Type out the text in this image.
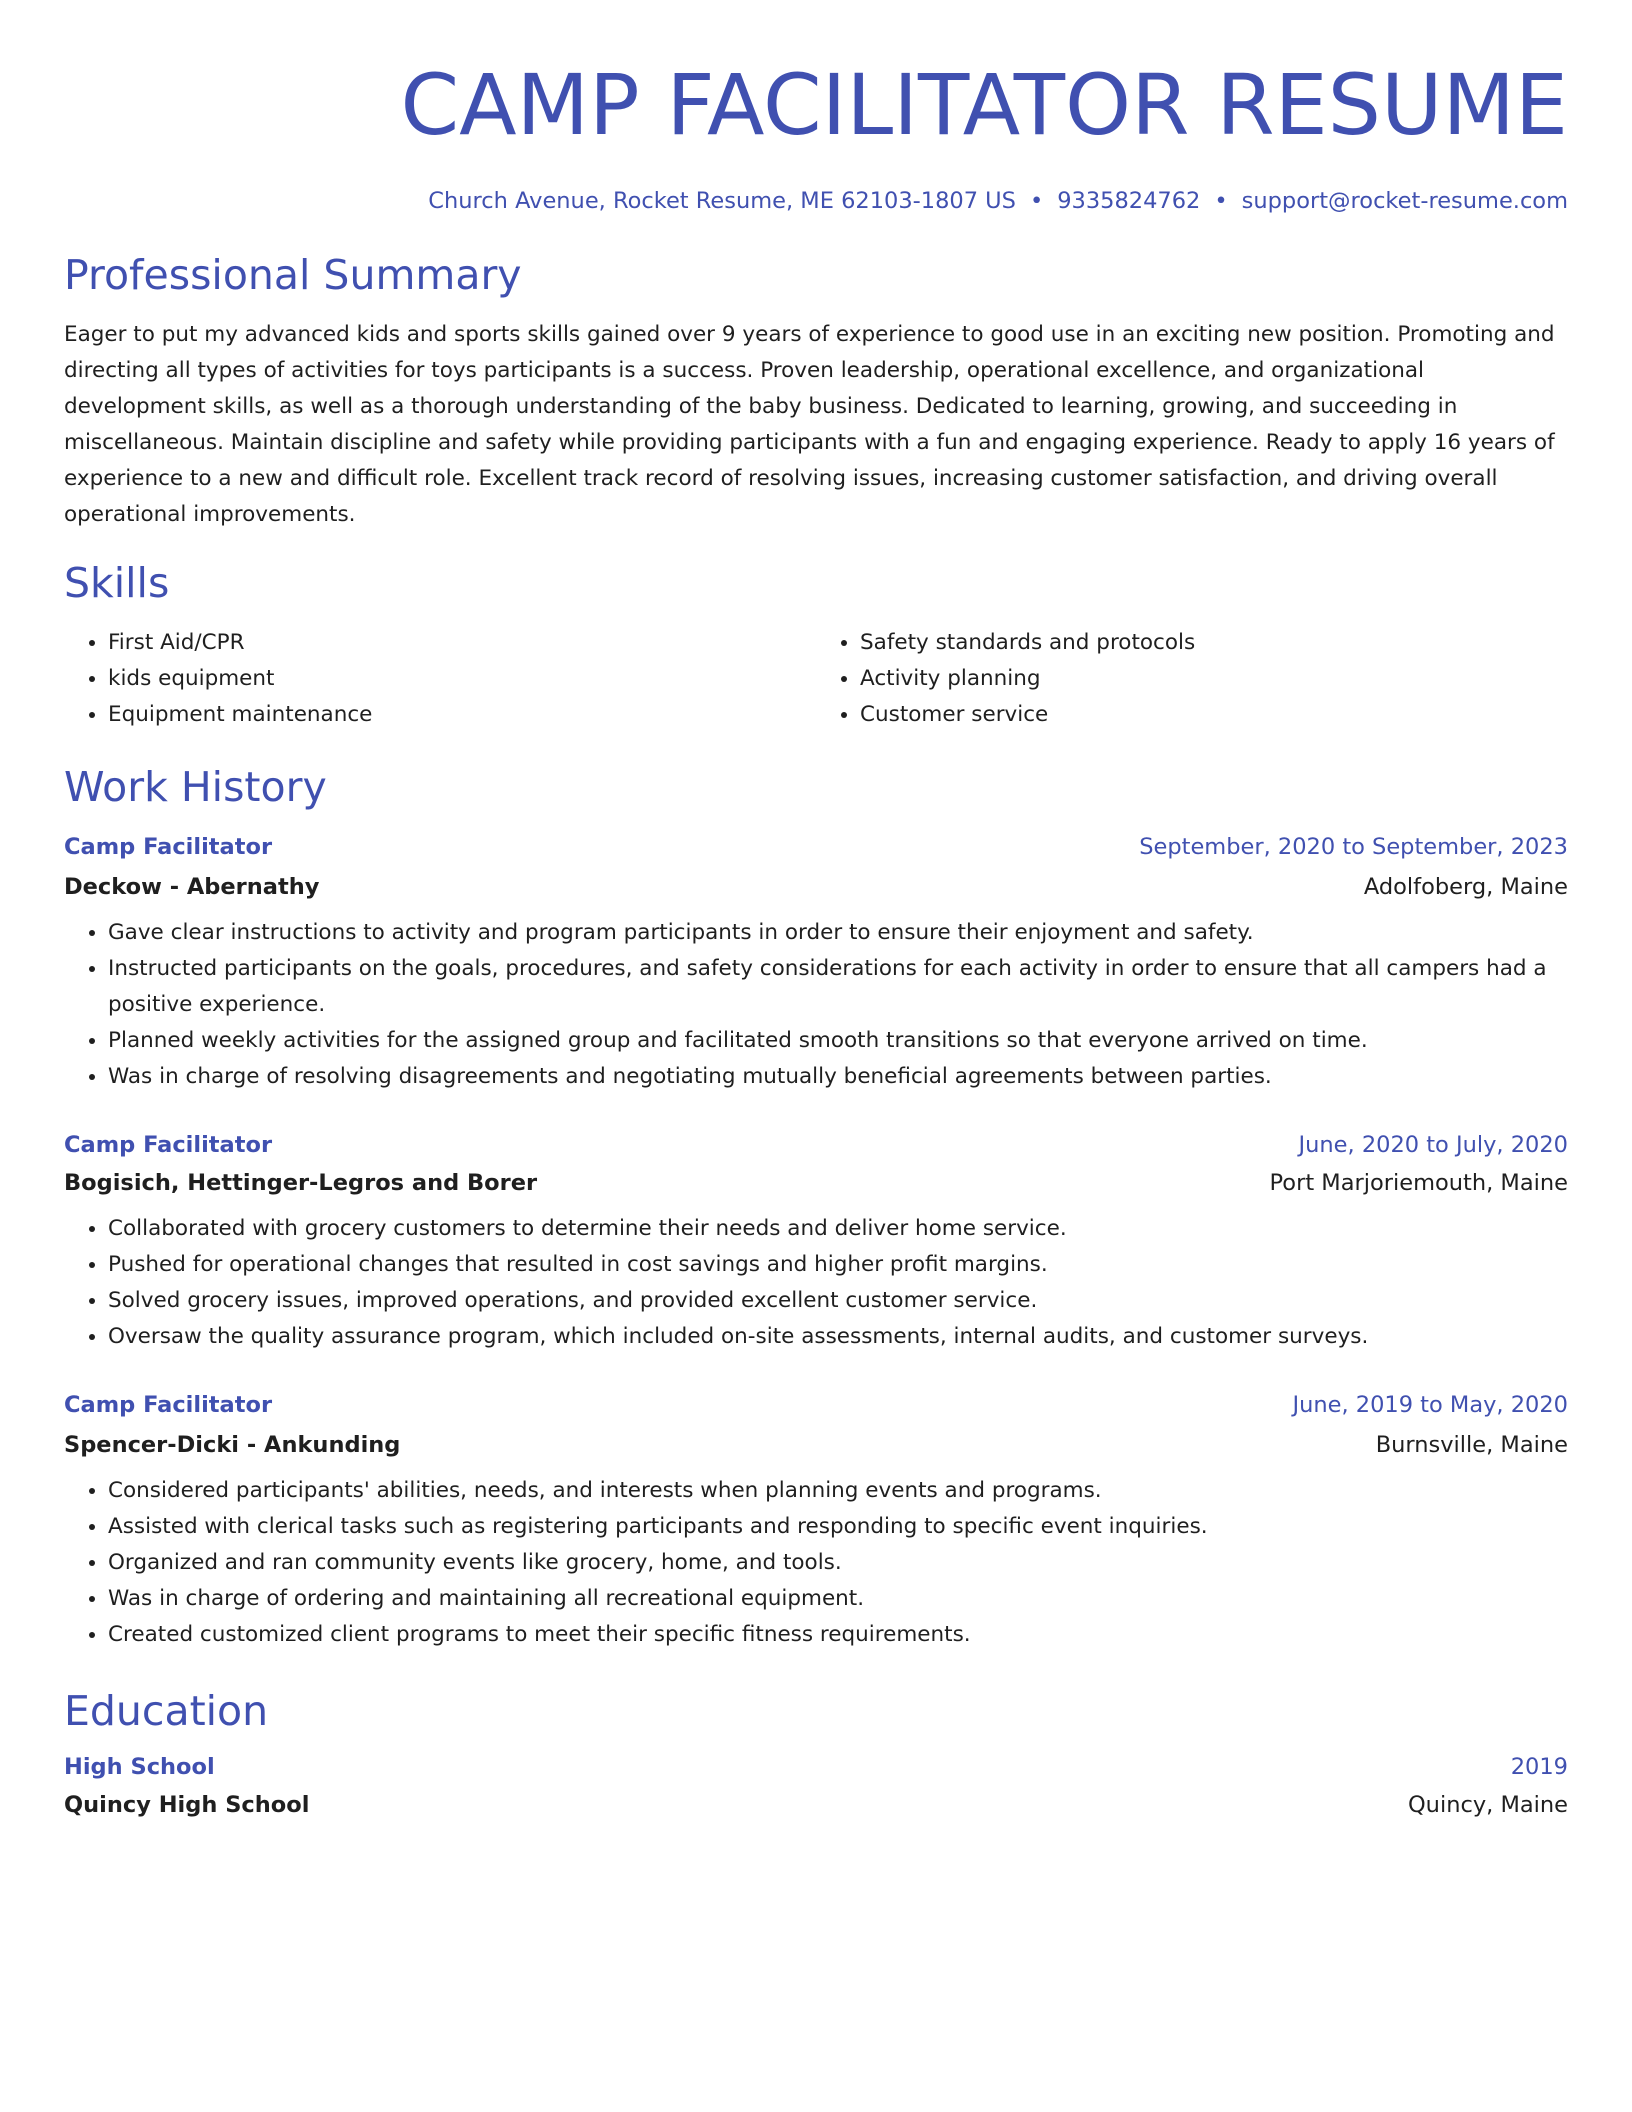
CAMP FACILITATOR RESUME
Church Avenue, Rocket Resume, ME 62103-1807 US • 9335824762 • support@rocket-resume.com
Professional Summary
Eager to put my advanced kids and sports skills gained over 9 years of experience to good use in an exciting new position. Promoting and directing all types of activities for toys participants is a success. Proven leadership, operational excellence, and organizational development skills, as well as a thorough understanding of the baby business. Dedicated to learning, growing, and succeeding in miscellaneous. Maintain discipline and safety while providing participants with a fun and engaging experience. Ready to apply 16 years of experience to a new and difficult role. Excellent track record of resolving issues, increasing customer satisfaction, and driving overall operational improvements.
Skills
• First Aid/CPR
• kids equipment
• Equipment maintenance
• Safety standards and protocols
• Activity planning
• Customer service
Work History
Camp Facilitator	September, 2020 to September, 2023
Deckow - Abernathy	Adolfoberg, Maine
• Gave clear instructions to activity and program participants in order to ensure their enjoyment and safety.
• Instructed participants on the goals, procedures, and safety considerations for each activity in order to ensure that all campers had a positive experience.
• Planned weekly activities for the assigned group and facilitated smooth transitions so that everyone arrived on time.
• Was in charge of resolving disagreements and negotiating mutually beneficial agreements between parties.
Camp Facilitator	June, 2020 to July, 2020
Bogisich, Hettinger-Legros and Borer	Port Marjoriemouth, Maine
• Collaborated with grocery customers to determine their needs and deliver home service.
• Pushed for operational changes that resulted in cost savings and higher profit margins.
• Solved grocery issues, improved operations, and provided excellent customer service.
• Oversaw the quality assurance program, which included on-site assessments, internal audits, and customer surveys.
Camp Facilitator	June, 2019 to May, 2020
Spencer-Dicki - Ankunding	Burnsville, Maine
• Considered participants' abilities, needs, and interests when planning events and programs.
• Assisted with clerical tasks such as registering participants and responding to specific event inquiries.
• Organized and ran community events like grocery, home, and tools.
• Was in charge of ordering and maintaining all recreational equipment.
• Created customized client programs to meet their specific fitness requirements.
Education
High School	2019
Quincy High School	Quincy, Maine
